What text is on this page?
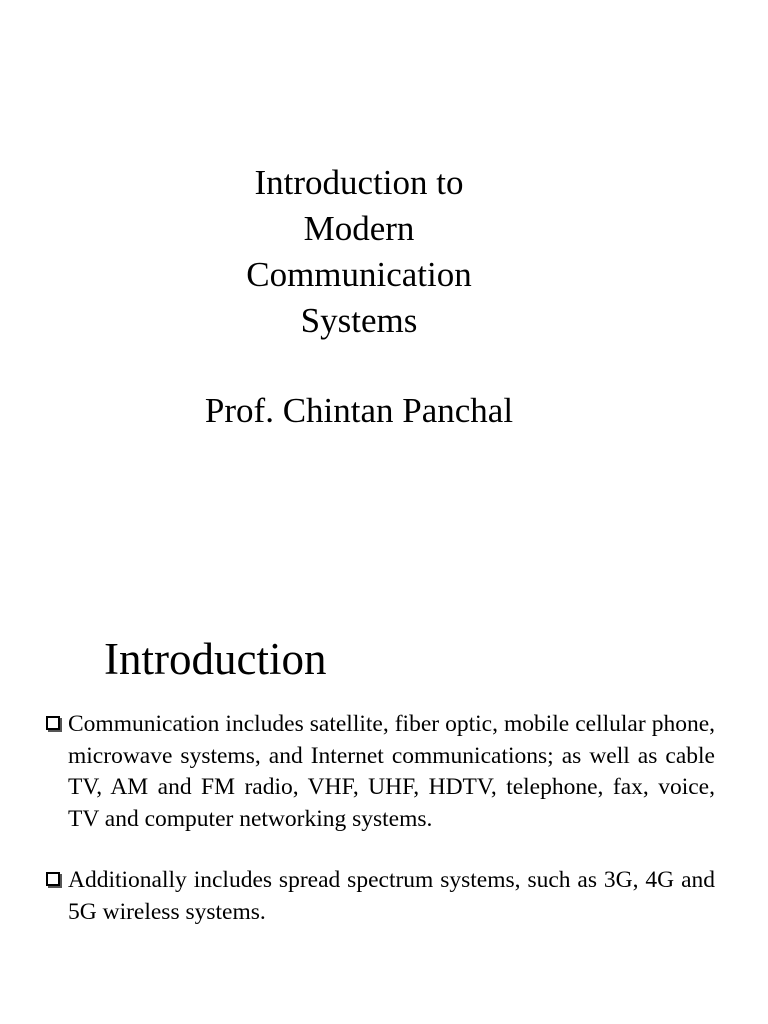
Introduction to
Modern
Communication
Systems
Prof. Chintan Panchal
Introduction
Communication includes satellite, fiber optic, mobile cellular phone, microwave systems, and Internet communications; as well as cable TV, AM and FM radio, VHF, UHF, HDTV, telephone, fax, voice, TV and computer networking systems.
Additionally includes spread spectrum systems, such as 3G, 4G and 5G wireless systems.
